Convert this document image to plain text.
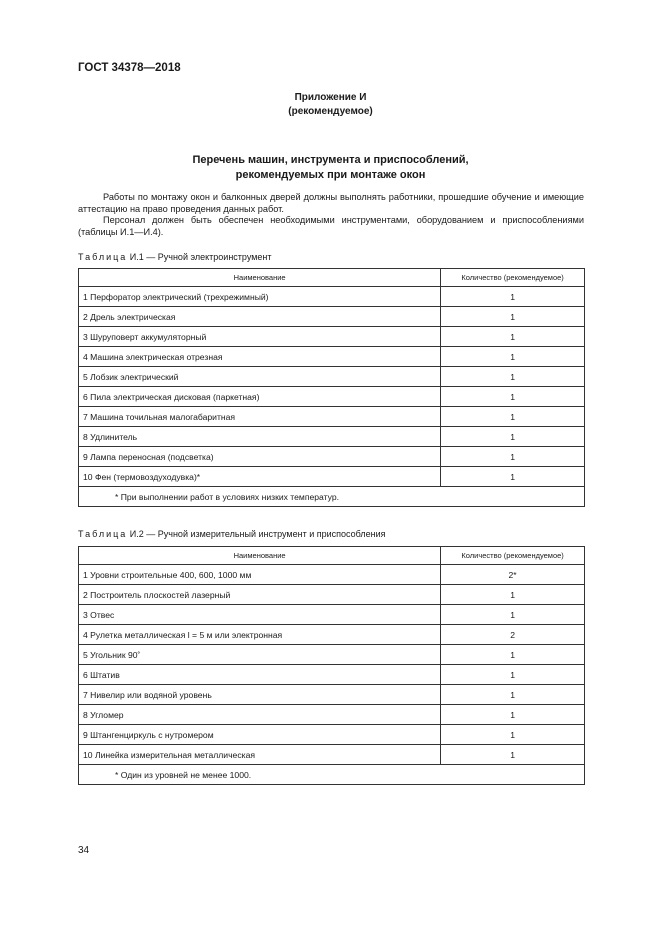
ГОСТ 34378—2018
Приложение И
(рекомендуемое)
Перечень машин, инструмента и приспособлений,
рекомендуемых при монтаже окон

Работы по монтажу окон и балконных дверей должны выполнять работники, прошедшие обучение и имеющие аттестацию на право проведения данных работ.

Персонал должен быть обеспечен необходимыми инструментами, оборудованием и приспособлениями (таблицы И.1—И.4).

Таблица И.1 — Ручной электроинструмент
Наименование	Количество (рекомендуемое)
1 Перфоратор электрический (трехрежимный)	1
2 Дрель электрическая	1
3 Шуруповерт аккумуляторный	1
4 Машина электрическая отрезная	1
5 Лобзик электрический	1
6 Пила электрическая дисковая (паркетная)	1
7 Машина точильная малогабаритная	1
8 Удлинитель	1
9 Лампа переносная (подсветка)	1
10 Фен (термовоздуходувка)*	1
* При выполнении работ в условиях низких температур.	
Таблица И.2 — Ручной измерительный инструмент и приспособления
Наименование	Количество (рекомендуемое)
1 Уровни строительные 400, 600, 1000 мм	2*
2 Построитель плоскостей лазерный	1
3 Отвес	1
4 Рулетка металлическая l = 5 м или электронная	2
5 Угольник 90˚	1
6 Штатив	1
7 Нивелир или водяной уровень	1
8 Угломер	1
9 Штангенциркуль с нутромером	1
10 Линейка измерительная металлическая	1
* Один из уровней не менее 1000.	
34
